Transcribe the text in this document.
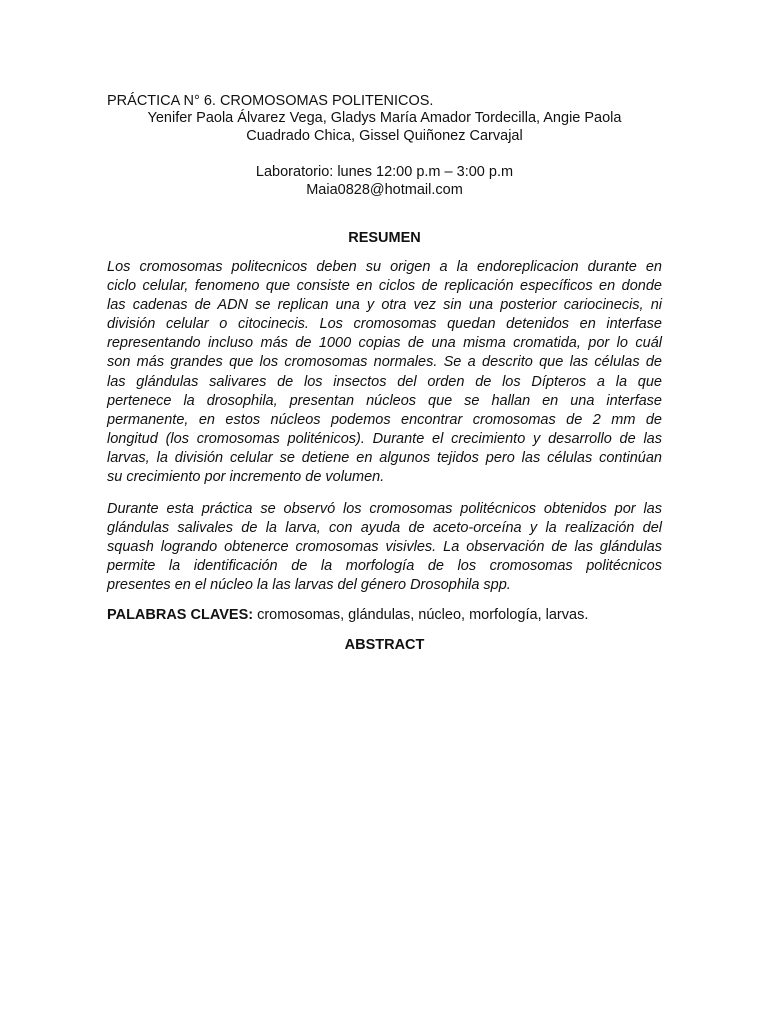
PRÁCTICA N° 6. CROMOSOMAS POLITENICOS.
Yenifer Paola Álvarez Vega, Gladys María Amador Tordecilla, Angie Paola
Cuadrado Chica, Gissel Quiñonez Carvajal
Laboratorio: lunes 12:00 p.m – 3:00 p.m
Maia0828@hotmail.com
RESUMEN
Los cromosomas politecnicos deben su origen a la endoreplicacion durante en
ciclo celular, fenomeno que consiste en ciclos de replicación específicos en donde
las cadenas de ADN se replican una y otra vez sin una posterior cariocinecis, ni
división celular o citocinecis. Los cromosomas quedan detenidos en interfase
representando incluso más de 1000 copias de una misma cromatida, por lo cuál
son más grandes que los cromosomas normales. Se a descrito que las células de
las glándulas salivares de los insectos del orden de los Dípteros a la que
pertenece la drosophila, presentan núcleos que se hallan en una interfase
permanente, en estos núcleos podemos encontrar cromosomas de 2 mm de
longitud (los cromosomas politénicos). Durante el crecimiento y desarrollo de las
larvas, la división celular se detiene en algunos tejidos pero las células continúan
su crecimiento por incremento de volumen.
Durante esta práctica se observó los cromosomas politécnicos obtenidos por las
glándulas salivales de la larva, con ayuda de aceto-orceína y la realización del
squash logrando obtenerce cromosomas visivles. La observación de las glándulas
permite la identificación de la morfología de los cromosomas politécnicos
presentes en el núcleo la las larvas del género Drosophila spp.
PALABRAS CLAVES: cromosomas, glándulas, núcleo, morfología, larvas.
ABSTRACT
